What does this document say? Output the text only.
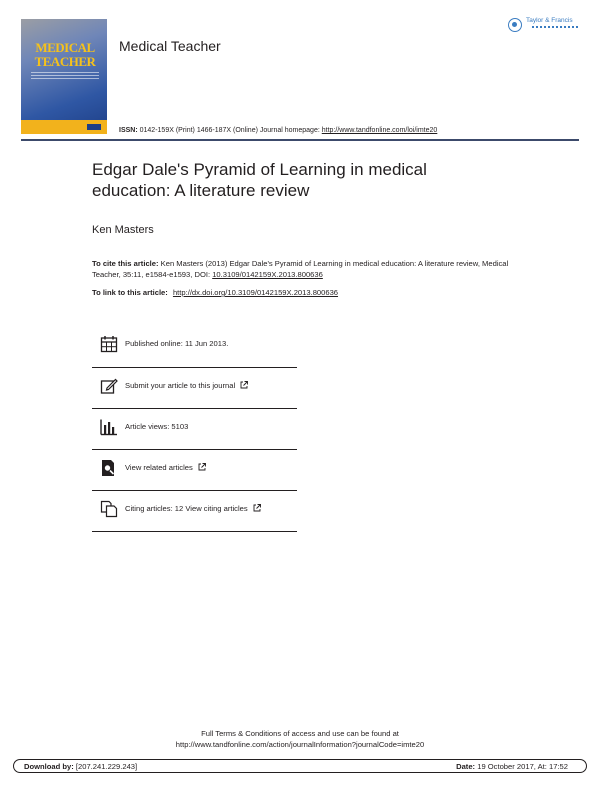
MEDICAL
TEACHER
Medical Teacher
Taylor & Francis
ISSN: 0142-159X (Print) 1466-187X (Online) Journal homepage: http://www.tandfonline.com/loi/imte20
Edgar Dale's Pyramid of Learning in medical education: A literature review
Ken Masters
To cite this article: Ken Masters (2013) Edgar Dale's Pyramid of Learning in medical education: A literature review, Medical Teacher, 35:11, e1584-e1593, DOI: 10.3109/0142159X.2013.800636
To link to this article: http://dx.doi.org/10.3109/0142159X.2013.800636
Published online: 11 Jun 2013.
Submit your article to this journal
Article views: 5103
View related articles
Citing articles: 12 View citing articles
Full Terms & Conditions of access and use can be found at
http://www.tandfonline.com/action/journalInformation?journalCode=imte20
Download by: [207.241.229.243]	Date: 19 October 2017, At: 17:52
